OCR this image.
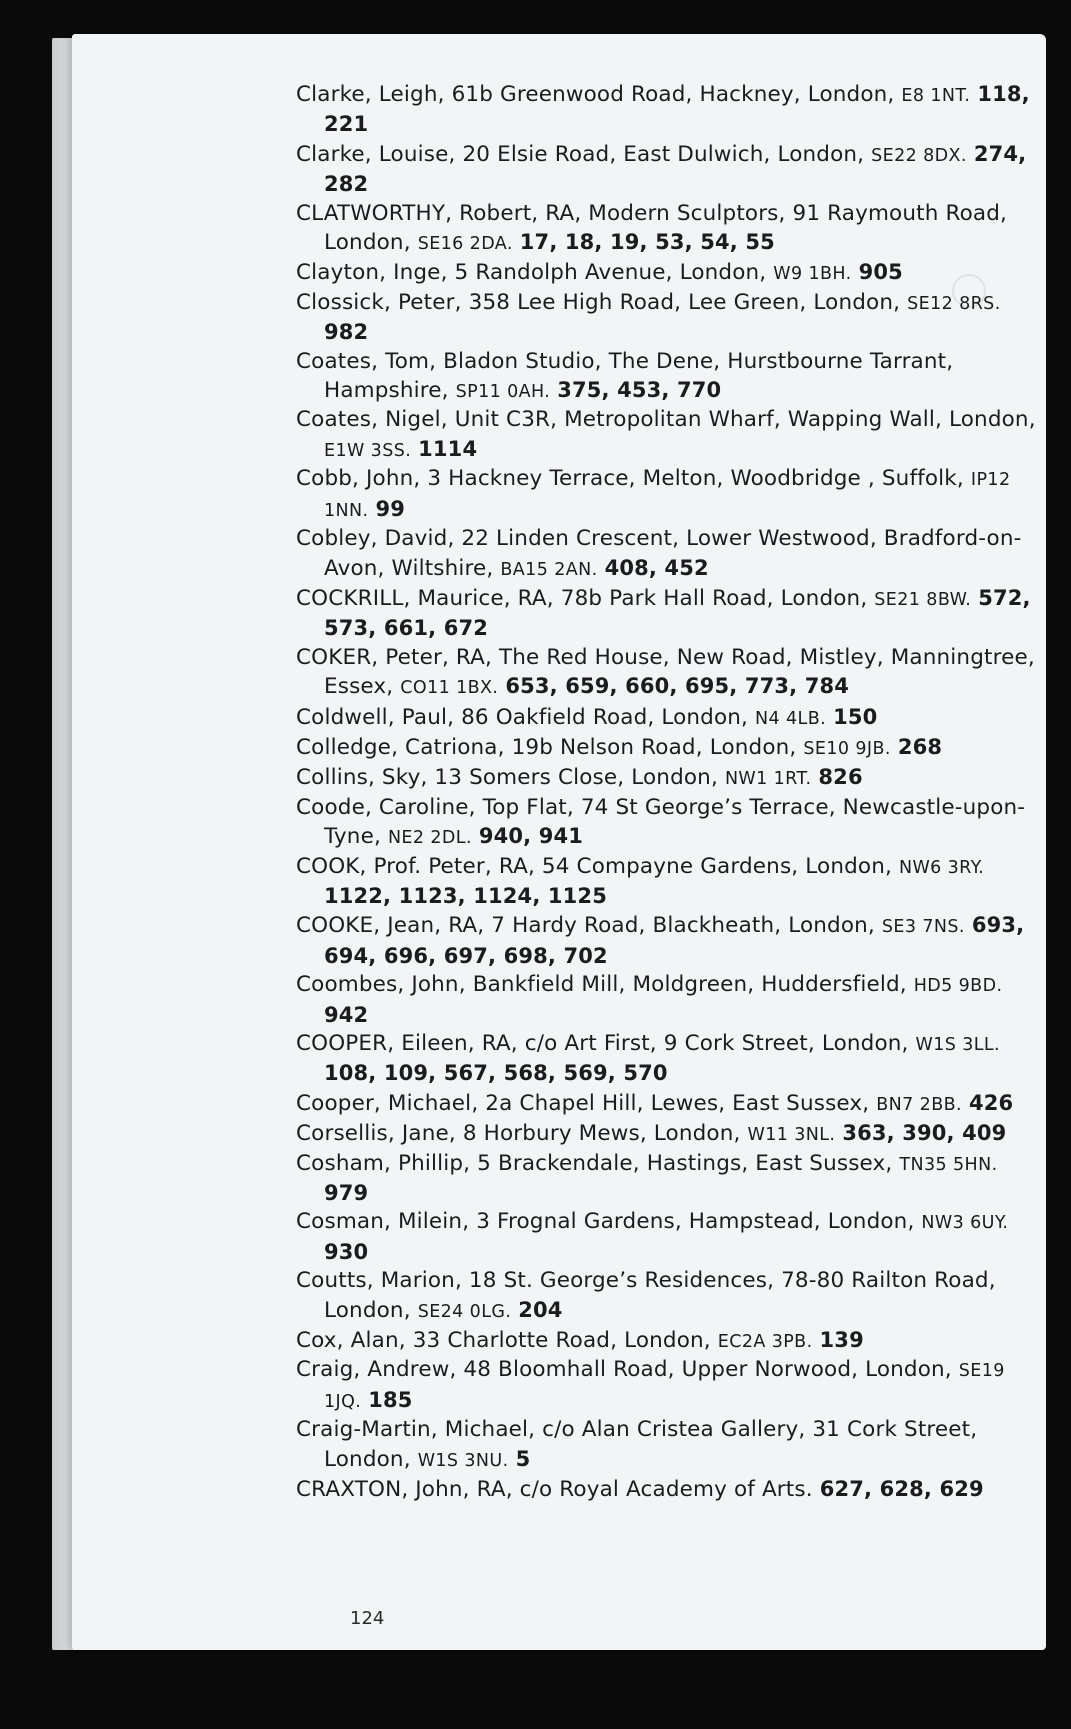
Clarke, Leigh, 61b Greenwood Road, Hackney, London, E8 1NT. 118, 221
Clarke, Louise, 20 Elsie Road, East Dulwich, London, SE22 8DX. 274, 282
CLATWORTHY, Robert, RA, Modern Sculptors, 91 Raymouth Road, London, SE16 2DA. 17, 18, 19, 53, 54, 55
Clayton, Inge, 5 Randolph Avenue, London, W9 1BH. 905
Clossick, Peter, 358 Lee High Road, Lee Green, London, SE12 8RS. 982
Coates, Tom, Bladon Studio, The Dene, Hurstbourne Tarrant, Hampshire, SP11 0AH. 375, 453, 770
Coates, Nigel, Unit C3R, Metropolitan Wharf, Wapping Wall, London, E1W 3SS. 1114
Cobb, John, 3 Hackney Terrace, Melton, Woodbridge , Suffolk, IP12 1NN. 99
Cobley, David, 22 Linden Crescent, Lower Westwood, Bradford-on-Avon, Wiltshire, BA15 2AN. 408, 452
COCKRILL, Maurice, RA, 78b Park Hall Road, London, SE21 8BW. 572, 573, 661, 672
COKER, Peter, RA, The Red House, New Road, Mistley, Manningtree, Essex, CO11 1BX. 653, 659, 660, 695, 773, 784
Coldwell, Paul, 86 Oakfield Road, London, N4 4LB. 150
Colledge, Catriona, 19b Nelson Road, London, SE10 9JB. 268
Collins, Sky, 13 Somers Close, London, NW1 1RT. 826
Coode, Caroline, Top Flat, 74 St George’s Terrace, Newcastle-upon-Tyne, NE2 2DL. 940, 941
COOK, Prof. Peter, RA, 54 Compayne Gardens, London, NW6 3RY. 1122, 1123, 1124, 1125
COOKE, Jean, RA, 7 Hardy Road, Blackheath, London, SE3 7NS. 693, 694, 696, 697, 698, 702
Coombes, John, Bankfield Mill, Moldgreen, Huddersfield, HD5 9BD. 942
COOPER, Eileen, RA, c/o Art First, 9 Cork Street, London, W1S 3LL. 108, 109, 567, 568, 569, 570
Cooper, Michael, 2a Chapel Hill, Lewes, East Sussex, BN7 2BB. 426
Corsellis, Jane, 8 Horbury Mews, London, W11 3NL. 363, 390, 409
Cosham, Phillip, 5 Brackendale, Hastings, East Sussex, TN35 5HN. 979
Cosman, Milein, 3 Frognal Gardens, Hampstead, London, NW3 6UY. 930
Coutts, Marion, 18 St. George’s Residences, 78-80 Railton Road, London, SE24 0LG. 204
Cox, Alan, 33 Charlotte Road, London, EC2A 3PB. 139
Craig, Andrew, 48 Bloomhall Road, Upper Norwood, London, SE19 1JQ. 185
Craig-Martin, Michael, c/o Alan Cristea Gallery, 31 Cork Street, London, W1S 3NU. 5
CRAXTON, John, RA, c/o Royal Academy of Arts. 627, 628, 629
124
